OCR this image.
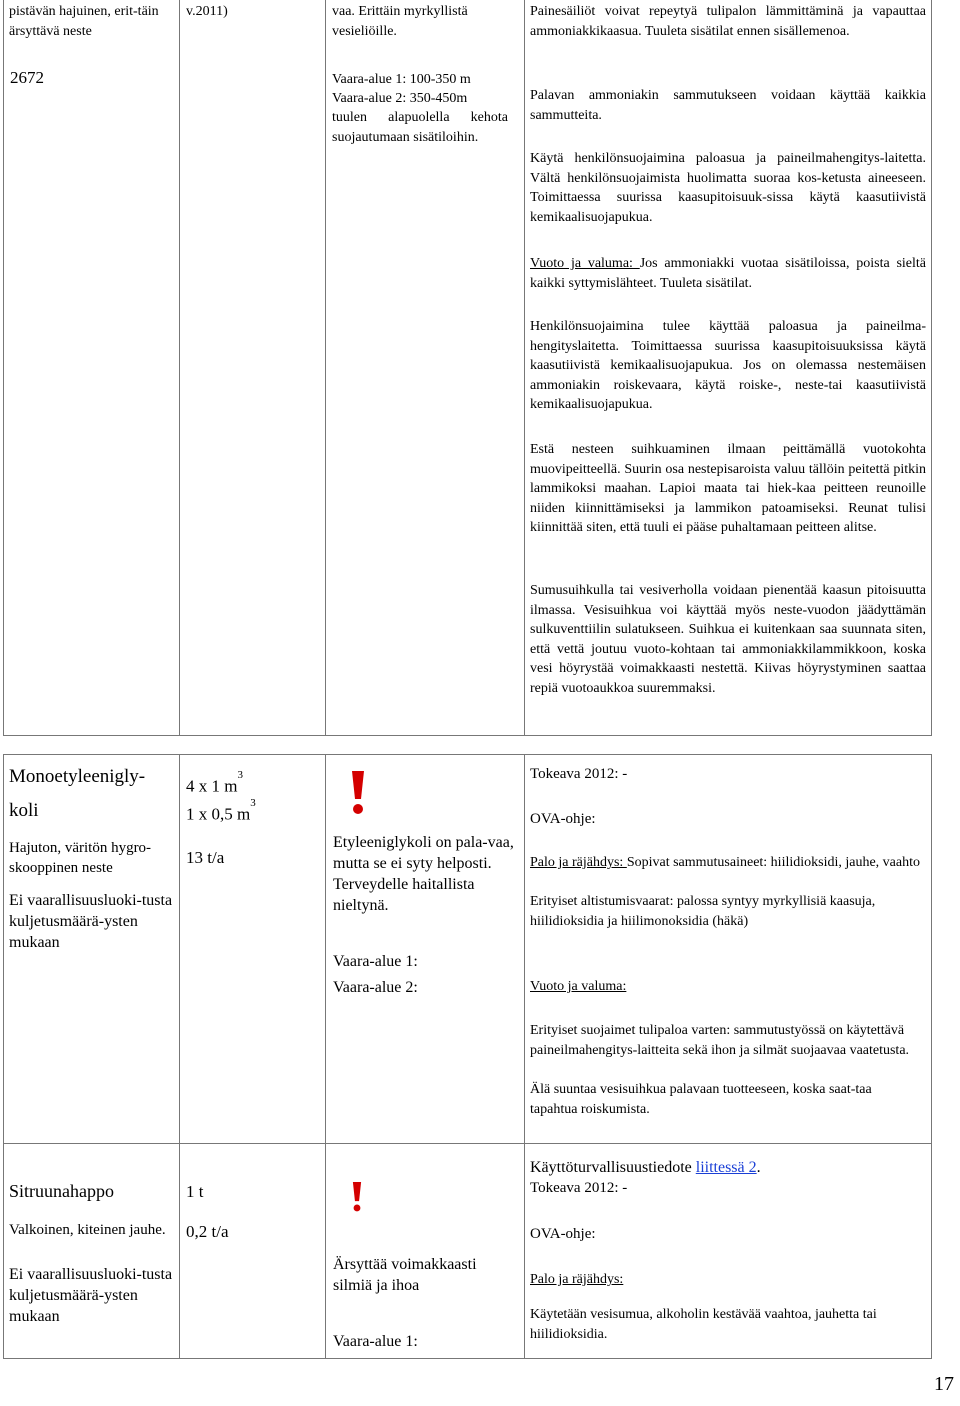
pistävän hajuinen, erit-täin ärsyttävä neste

2672

v.2011)	vaa. Erittäin myrkyllistä vesieliöille.

Vaara-alue 1: 100-350 m

Vaara-alue 2: 350-450m

tuulen alapuolella kehota suojautumaan sisätiloihin.

Painesäiliöt voivat repeytyä tulipalon lämmittäminä ja vapauttaa ammoniakkikaasua. Tuuleta sisätilat ennen sisällemenoa.

Palavan ammoniakin sammutukseen voidaan käyttää kaikkia sammutteita.

Käytä henkilönsuojaimina paloasua ja paineilmahengitys-laitetta. Vältä henkilönsuojaimista huolimatta suoraa kos-ketusta aineeseen. Toimittaessa suurissa kaasupitoisuuk-sissa käytä kaasutiivistä kemikaalisuojapukua.

Vuoto ja valuma: Jos ammoniakki vuotaa sisätiloissa, poista sieltä kaikki syttymislähteet. Tuuleta sisätilat.

Henkilönsuojaimina tulee käyttää paloasua ja paineilma-hengityslaitetta. Toimittaessa suurissa kaasupitoisuuksissa käytä kaasutiivistä kemikaalisuojapukua. Jos on olemassa nestemäisen ammoniakin roiskevaara, käytä roiske-, neste-tai kaasutiivistä kemikaalisuojapukua.

Estä nesteen suihkuaminen ilmaan peittämällä vuotokohta muovipeitteellä. Suurin osa nestepisaroista valuu tällöin peitettä pitkin lammikoksi maahan. Lapioi maata tai hiek-kaa peitteen reunoille niiden kiinnittämiseksi ja lammikon patoamiseksi. Reunat tulisi kiinnittää siten, että tuuli ei pääse puhaltamaan peitteen alitse.

Sumusuihkulla tai vesiverholla voidaan pienentää kaasun pitoisuutta ilmassa. Vesisuihkua voi käyttää myös neste-vuodon jäädyttämän sulkuventtiilin sulatukseen. Suihkua ei kuitenkaan saa suunnata siten, että vettä joutuu vuoto-kohtaan tai ammoniakkilammikkoon, koska vesi höyrystää voimakkaasti nestettä. Kiivas höyrystyminen saattaa repiä vuotoaukkoa suuremmaksi.

Monoetyleenigly-

koli

Hajuton, väritön hygro-skooppinen neste

Ei vaarallisuusluoki-tusta kuljetusmäärä-ysten mukaan

4 x 1 $m^3$

1 x 0,5 $m^3$

13 t/a

Etyleeniglykoli on pala-vaa, mutta se ei syty helposti. Terveydelle haitallista nieltynä.

Vaara-alue 1:

Vaara-alue 2:

Tokeava 2012: -

OVA-ohje:

Palo ja räjähdys: Sopivat sammutusaineet: hiilidioksidi, jauhe, vaahto

Erityiset altistumisvaarat: palossa syntyy myrkyllisiä kaasuja, hiilidioksidia ja hiilimonoksidia (häkä)

Vuoto ja valuma:

Erityiset suojaimet tulipaloa varten: sammutustyössä on käytettävä paineilmahengitys-laitteita sekä ihon ja silmät suojaavaa vaatetusta.

Älä suuntaa vesisuihkua palavaan tuotteeseen, koska saat-taa tapahtua roiskumista.

Käyttöturvallisuustiedote liittessä 2.

Sitruunahappo

Valkoinen, kiteinen jauhe.

Ei vaarallisuusluoki-tusta kuljetusmäärä-ysten mukaan

1 t

0,2 t/a

Ärsyttää voimakkaasti silmiä ja ihoa

Vaara-alue 1:

Tokeava 2012: -

OVA-ohje:

Palo ja räjähdys:

Käytetään vesisumua, alkoholin kestävää vaahtoa, jauhetta tai hiilidioksidia.

17
